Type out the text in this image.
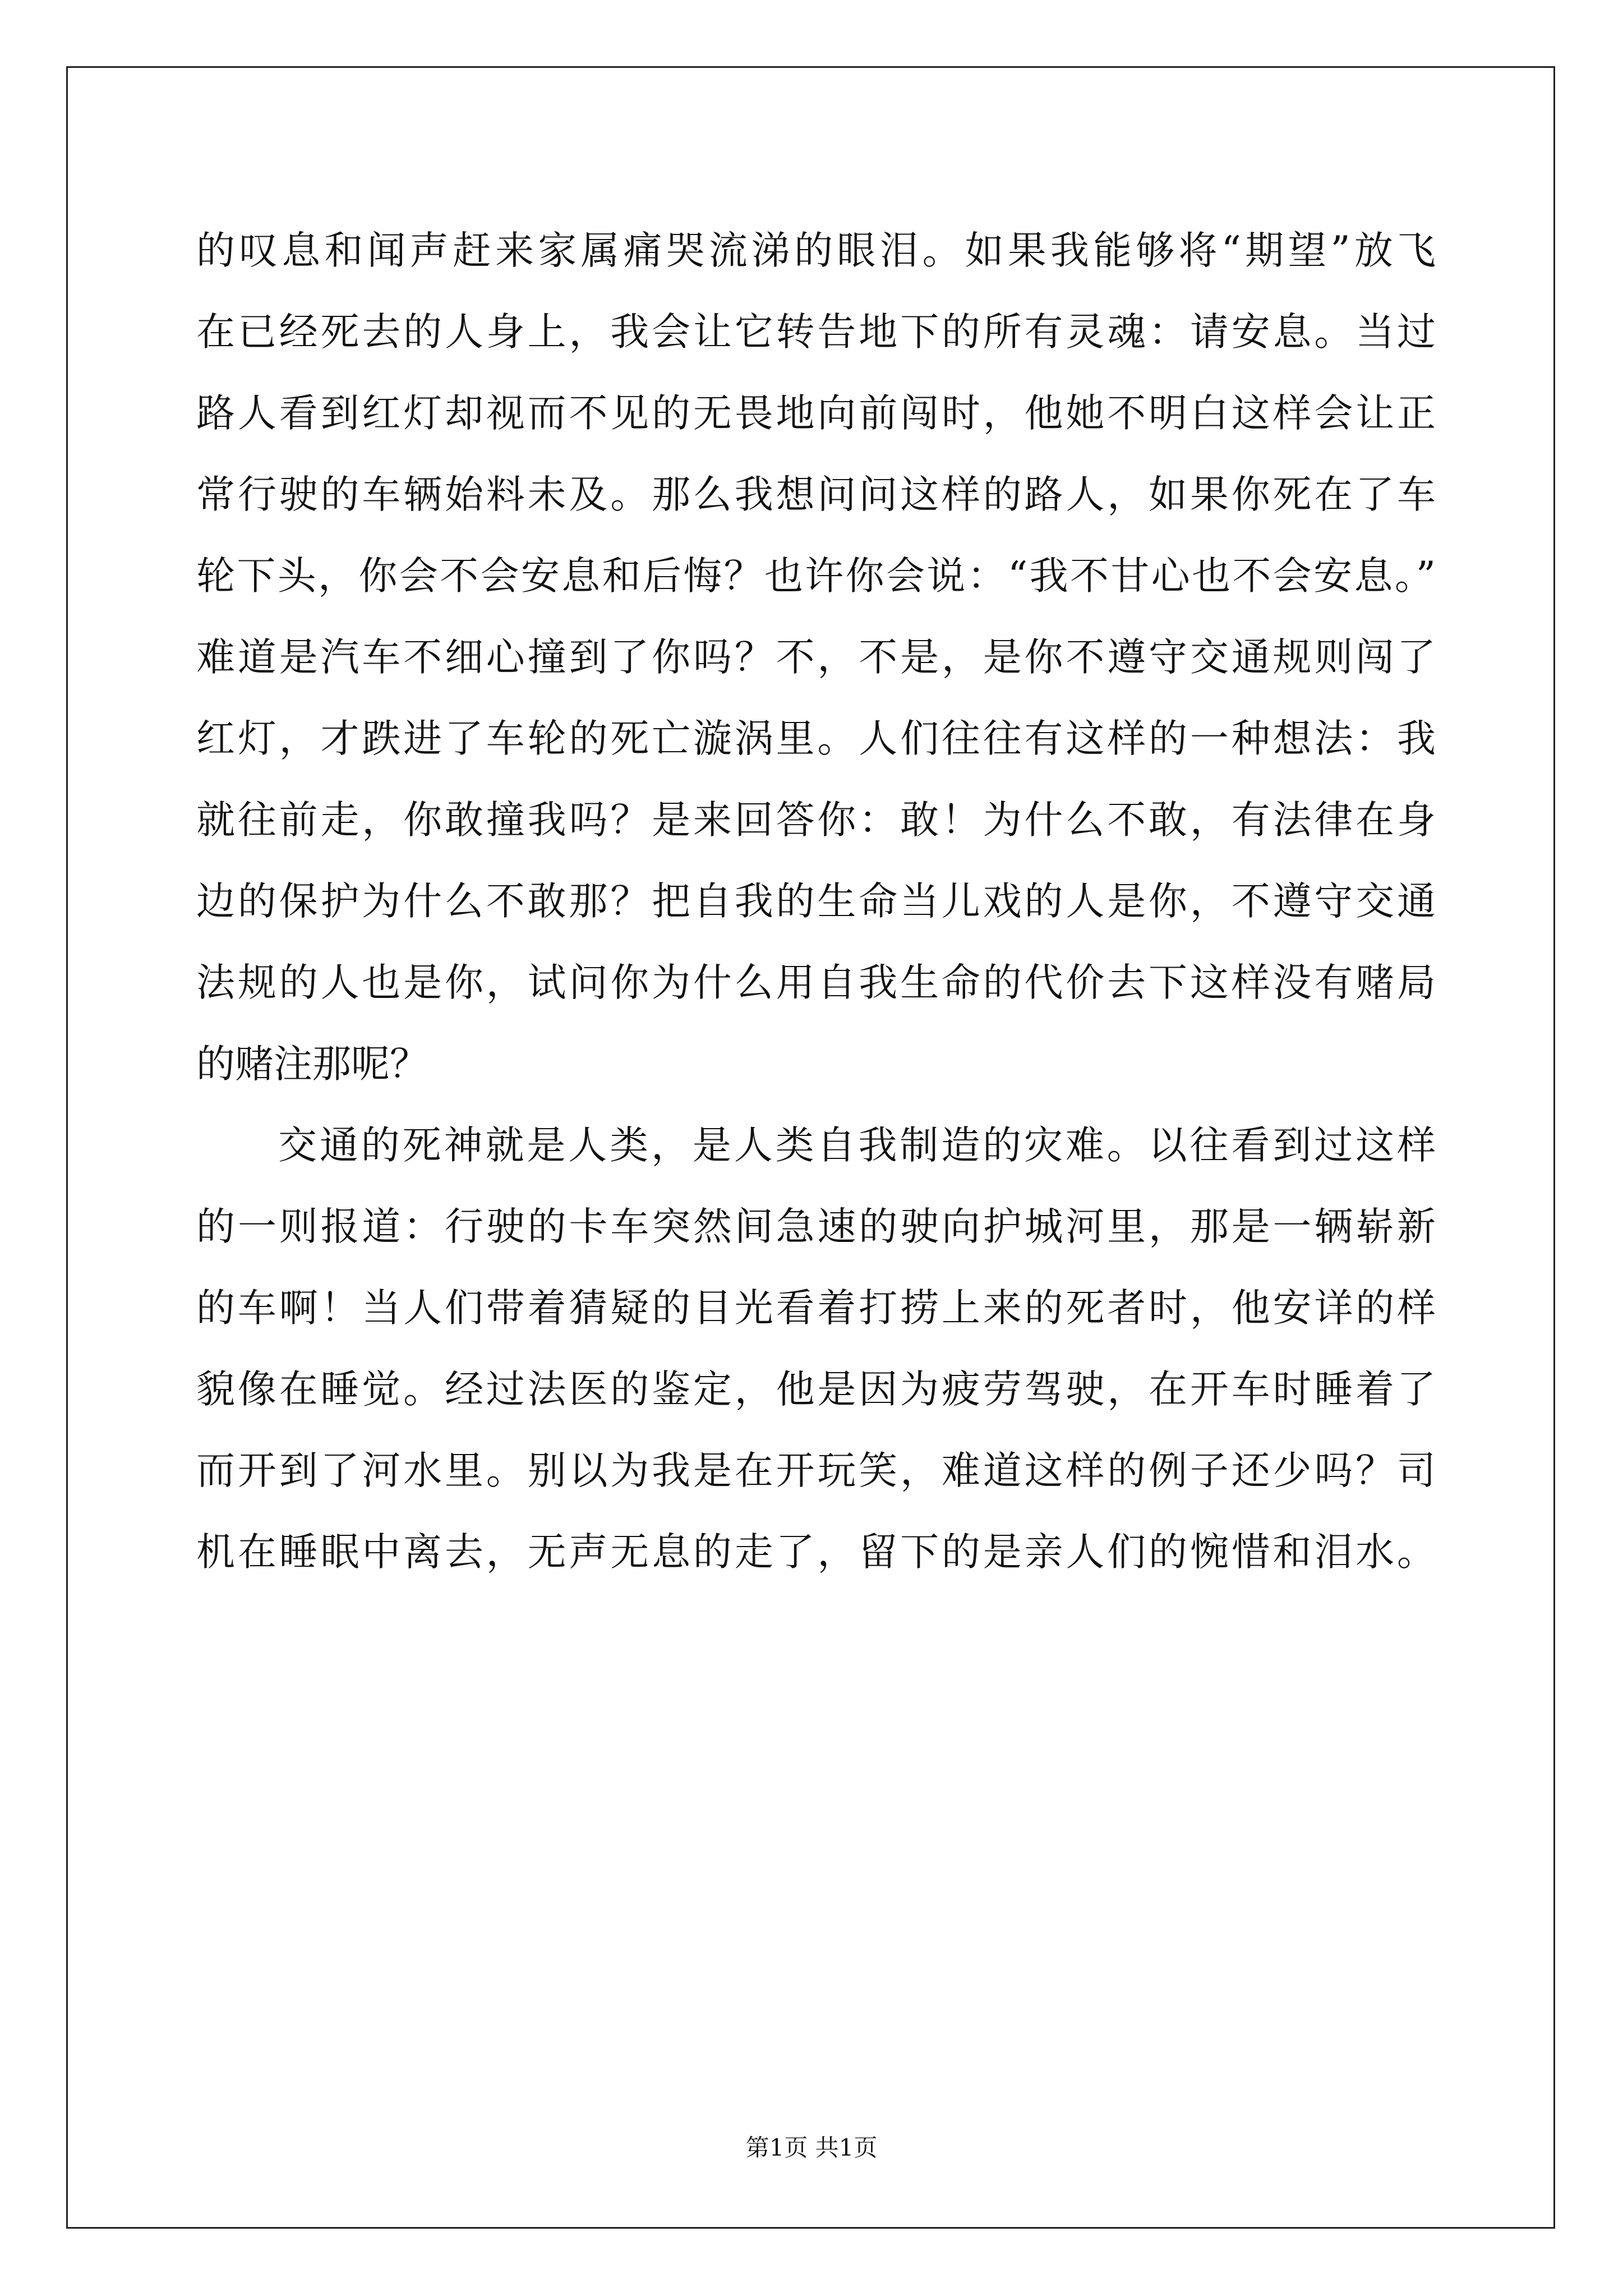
的叹息和闻声赶来家属痛哭流涕的眼泪。如果我能够将“期望”放飞
在已经死去的人身上，我会让它转告地下的所有灵魂：请安息。当过
路人看到红灯却视而不见的无畏地向前闯时，他她不明白这样会让正
常行驶的车辆始料未及。那么我想问问这样的路人，如果你死在了车
轮下头，你会不会安息和后悔？也许你会说：“我不甘心也不会安息。”
难道是汽车不细心撞到了你吗？不，不是，是你不遵守交通规则闯了
红灯，才跌进了车轮的死亡漩涡里。人们往往有这样的一种想法：我
就往前走，你敢撞我吗？是来回答你：敢！为什么不敢，有法律在身
边的保护为什么不敢那？把自我的生命当儿戏的人是你，不遵守交通
法规的人也是你，试问你为什么用自我生命的代价去下这样没有赌局
的赌注那呢？
交通的死神就是人类，是人类自我制造的灾难。以往看到过这样
的一则报道：行驶的卡车突然间急速的驶向护城河里，那是一辆崭新
的车啊！当人们带着猜疑的目光看着打捞上来的死者时，他安详的样
貌像在睡觉。经过法医的鉴定，他是因为疲劳驾驶，在开车时睡着了
而开到了河水里。别以为我是在开玩笑，难道这样的例子还少吗？司
机在睡眠中离去，无声无息的走了，留下的是亲人们的惋惜和泪水。
第1页 共1页
